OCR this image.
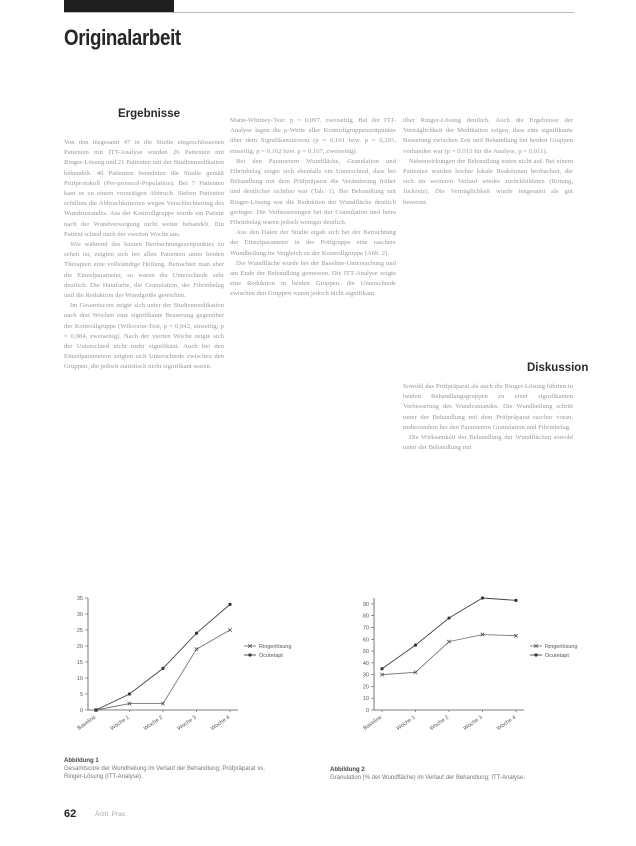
Originalarbeit
Ergebnisse

Von den insgesamt 47 in die Studie eingeschlossenen Patienten mit ITT-Analyse wurden 26 Patienten mit Ringer-Lösung und 21 Patienten mit der Studienmedikation behandelt. 40 Patienten beendeten die Studie gemäß Prüfprotokoll (Per-protocol-Population). Bei 7 Patienten kam es zu einem vorzeitigen Abbruch. Sieben Patienten erfüllten die Abbruchkriterien wegen Verschlechterung des Wundzustandes. Aus der Kontrollgruppe wurde ein Patient nach der Wundversorgung nicht weiter behandelt. Ein Patient schied nach der zweiten Woche aus.

Wie während des letzten Beobachtungszeitpunktes zu sehen ist, zeigten sich bei allen Patienten unter beiden Therapien eine vollständige Heilung. Betrachtet man aber die Einzelparameter, so waren die Unterschiede sehr deutlich. Die Hautfarbe, die Granulation, der Fibrinbelag und die Reduktion der Wundgröße gewichtet.

Im Gesamtscore zeigte sich unter der Studienmedikation nach drei Wochen eine signifikante Besserung gegenüber der Kontrollgruppe (Wilcoxon-Test, p = 0,042, einseitig; p = 0,084, zweiseitig). Nach der vierten Woche zeigte sich der Unterschied nicht mehr signifikant. Auch bei den Einzelparametern zeigten sich Unterschiede zwischen den Gruppen, die jedoch statistisch nicht signifikant waren.

Mann-Whitney-Test: p = 0,097, zweiseitig. Bei der ITT-Analyse lagen die p-Werte aller Kontrollgruppenzeitpunkte über dem Signifikanzniveau (p = 0,161 bzw. p = 0,203, einseitig; p = 0,162 bzw. p = 0,167, zweiseitig).

Bei den Parametern Wundfläche, Granulation und Fibrinbelag zeigte sich ebenfalls ein Unterschied, dass bei Behandlung mit dem Prüfpräparat die Veränderung früher und deutlicher sichtbar war (Tab. 1). Bei Behandlung mit Ringer-Lösung war die Reduktion der Wundfläche deutlich geringer. Die Verbesserungen bei der Granulation und beim Fibrinbelag waren jedoch weniger deutlich.

Aus den Daten der Studie ergab sich bei der Betrachtung der Einzelparameter in der Prüfgruppe eine raschere Wundheilung im Vergleich zu der Kontrollgruppe (Abb. 2).

Die Wundfläche wurde bei der Baseline-Untersuchung und am Ende der Behandlung gemessen. Die ITT-Analyse zeigte eine Reduktion in beiden Gruppen, die Unterschiede zwischen den Gruppen waren jedoch nicht signifikant.

über Ringer-Lösung deutlich. Auch die Ergebnisse der Verträglichkeit der Medikation zeigen, dass eine signifikante Besserung zwischen Zeit und Behandlung bei beiden Gruppen vorhanden war (p = 0,015 für die Analyse, p = 0,011).

Nebenwirkungen der Behandlung traten nicht auf. Bei einem Patienten wurden leichte lokale Reaktionen beobachtet, die sich im weiteren Verlauf wieder zurückbildeten (Rötung, Juckreiz). Die Verträglichkeit wurde insgesamt als gut bewertet.

Diskussion

Sowohl das Prüfpräparat als auch die Ringer-Lösung führten in beiden Behandlungsgruppen zu einer signifikanten Verbesserung des Wundzustandes. Die Wundheilung schritt unter der Behandlung mit dem Prüfpräparat rascher voran, insbesondere bei den Parametern Granulation und Fibrinbelag.

Die Wirksamkeit der Behandlung der Wundflächen sowohl unter der Behandlung mit

0
5
10
15
20
25
30
35
Baseline Woche 1 Woche 2 Woche 3 Woche 4
Ringerlösung
Ocutetapt
0
10
20
30
40
50
60
70
80
90
Baseline Woche 1 Woche 2 Woche 3 Woche 4
Ringerlösung
Ocutetapt
Abbildung 1
Gesamtscore der Wundheilung im Verlauf der Behandlung; Prüfpräparat vs. Ringer-Lösung (ITT-Analyse).
Abbildung 2
Granulation (% der Wundfläche) im Verlauf der Behandlung; ITT-Analyse.
62	Ärztl. Prax.
